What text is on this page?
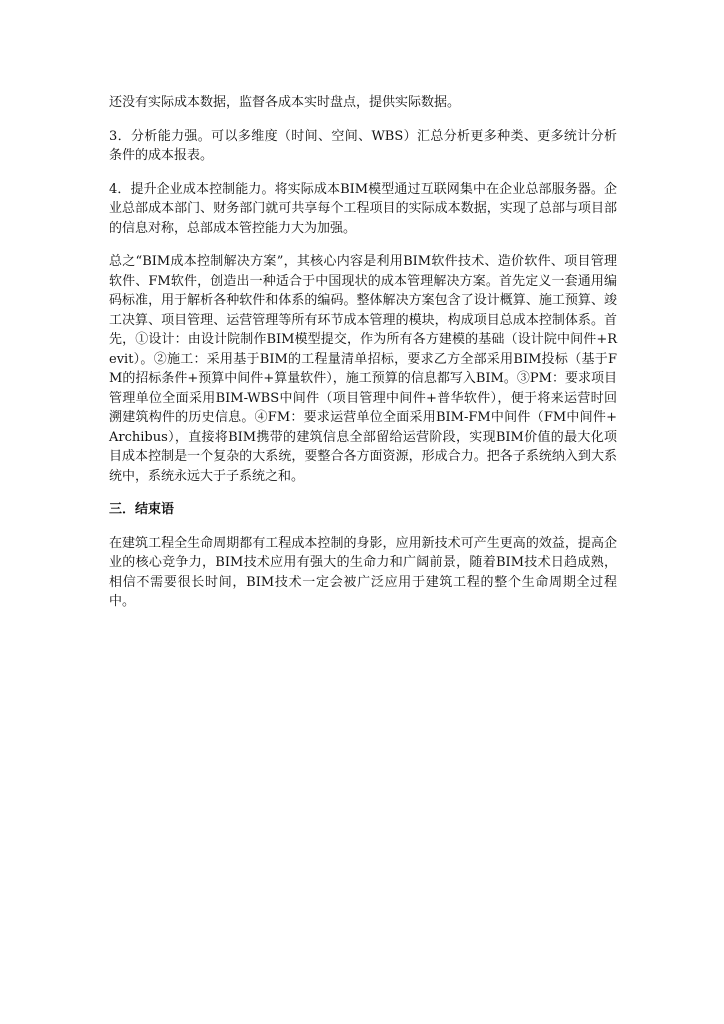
还没有实际成本数据，监督各成本实时盘点，提供实际数据。

3．分析能力强。可以多维度（时间、空间、WBS）汇总分析更多种类、更多统计分析条件的成本报表。

4．提升企业成本控制能力。将实际成本BIM模型通过互联网集中在企业总部服务器。企业总部成本部门、财务部门就可共享每个工程项目的实际成本数据，实现了总部与项目部的信息对称，总部成本管控能力大为加强。

总之“BIM成本控制解决方案”，其核心内容是利用BIM软件技术、造价软件、项目管理软件、FM软件，创造出一种适合于中国现状的成本管理解决方案。首先定义一套通用编码标准，用于解析各种软件和体系的编码。整体解决方案包含了设计概算、施工预算、竣工决算、项目管理、运营管理等所有环节成本管理的模块，构成项目总成本控制体系。首先，①设计：由设计院制作BIM模型提交，作为所有各方建模的基础（设计院中间件+Revit）。②施工：采用基于BIM的工程量清单招标，要求乙方全部采用BIM投标（基于FM的招标条件+预算中间件+算量软件），施工预算的信息都写入BIM。③PM：要求项目管理单位全面采用BIM-WBS中间件（项目管理中间件+普华软件），便于将来运营时回溯建筑构件的历史信息。④FM：要求运营单位全面采用BIM-FM中间件（FM中间件+Archibus），直接将BIM携带的建筑信息全部留给运营阶段，实现BIM价值的最大化项目成本控制是一个复杂的大系统，要整合各方面资源，形成合力。把各子系统纳入到大系统中，系统永远大于子系统之和。

三．结束语

在建筑工程全生命周期都有工程成本控制的身影，应用新技术可产生更高的效益，提高企业的核心竞争力，BIM技术应用有强大的生命力和广阔前景，随着BIM技术日趋成熟，相信不需要很长时间，BIM技术一定会被广泛应用于建筑工程的整个生命周期全过程中。
